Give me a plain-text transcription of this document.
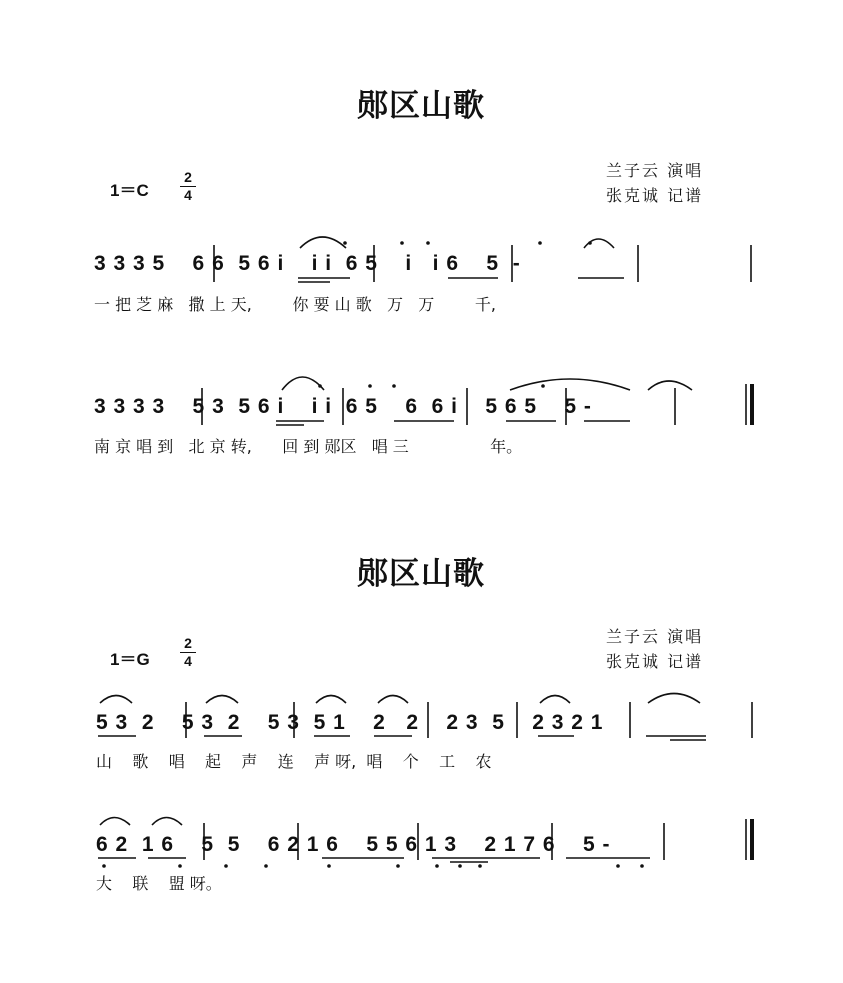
郧区山歌
1＝C
2
4
兰子云 演唱
张克诚 记谱
3 3 3 5    6 6  5 6 i    i i  6 5    i   i 6    5  -
一 把 芝 麻   撒 上 天,        你 要 山 歌   万   万        千,
3 3 3 3    5 3  5 6 i    i i  6 5    6  6 i    5 6 5    5 -
南 京 唱 到   北 京 转,      回 到 郧区   唱 三                年。
郧区山歌
1＝G
2
4
兰子云 演唱
张克诚 记谱
5 3  2    5 3  2    5 3  5 1    2   2    2 3  5    2 3 2 1
山    歌    唱    起    声    连    声 呀,  唱    个    工    农
6 2  1 6    5  5    6 2 1 6    5 5 6 1 3    2 1 7 6    5 -
大    联    盟 呀。
